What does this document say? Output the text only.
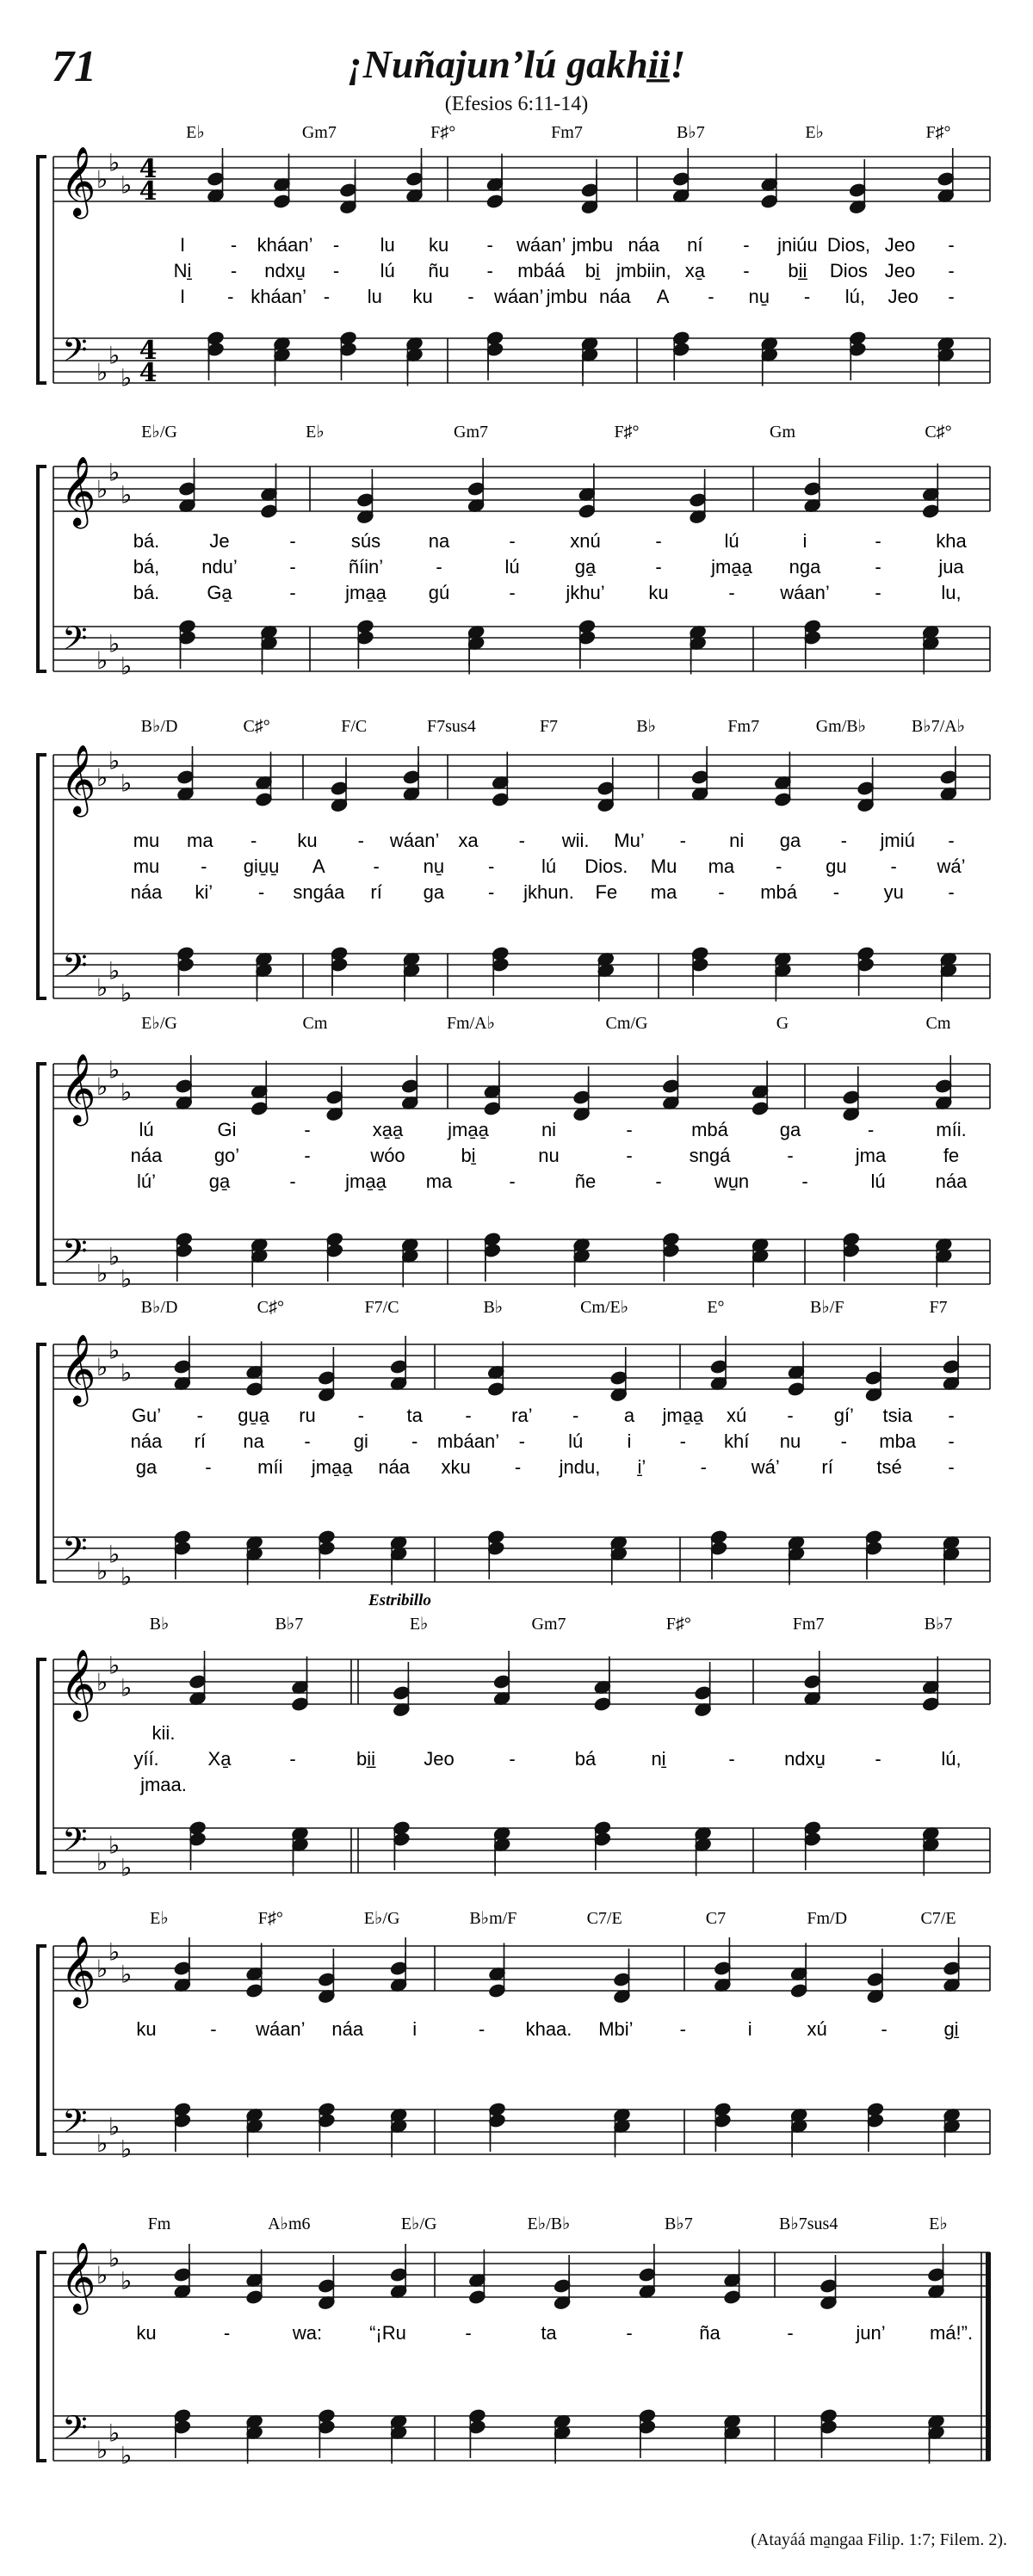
71	¡Nuñajun’lú gakhi̱i̱!
(Efesios 6:11-14)
𝄞
𝄢
♭
♭
♭
♭
♭
♭
4
4
4
4
E♭	Gm7	F♯°	Fm7	B♭7	E♭	F♯°
I - kháan’ - lu ku - wáan’ jmbu náa ní - jniúu Dios, Jeo -
Ni̱ - ndxu̱ - lú ñu - mbáá bi̱ jmbiin, xa̱ - bi̱i̱ Dios Jeo -
I - kháan’ - lu ku - wáan’ jmbu náa A - nu̱ - lú, Jeo -
𝄞
𝄢
♭
♭
♭
♭
♭
♭
E♭/G	E♭	Gm7	F♯°	Gm	C♯°
bá.	Je	-	sús	na	-	xnú	-	lú	i	-	kha
bá, ndu’	-	ñíin’	-	lú	ga̱	-	jma̱a̱ nga	-	jua
bá.	Ga̱	-	jma̱a̱ gú	-	jkhu’ ku	- wáan’ -	lu,
𝄞
𝄢
♭
♭
♭
♭
♭
♭
B♭/D	C♯°	F/C	F7sus4	F7	B♭	Fm7	Gm/B♭	B♭7/A♭
mu ma - ku - wáan’ xa - wii. Mu’ - ni ga - jmiú -
mu - giu̱u̱ A	- nu̱ - lú Dios. Mu ma - gu - wá’
náa ki’ - sngáa rí ga - jkhun. Fe ma - mbá - yu -
𝄞
𝄢
♭
♭
♭
♭
♭
♭
E♭/G	Cm	Fm/A♭	Cm/G	G	Cm
lú	Gi	-	xa̱a̱ jma̱a̱	ni	-	mbá	ga	-	míi.
náa	go’	-	wóo	bi̱	nu	-	sngá	-	jma	fe
lú’	ga̱	-	jma̱a̱ ma	-	ñe	-	wu̱n	-	lú	náa
𝄞
𝄢
♭
♭
♭
♭
♭
♭
B♭/D	C♯°	F7/C	B♭	Cm/E♭	E°	B♭/F	F7
Gu’ - gu̱a̱ ru - ta - ra’ - a jma̱a̱ xú - gí’ tsia -
náa rí na - gi - mbáan’ - lú i	- khí nu - mba -
ga	- míi jma̱a̱ náa xku - jndu, i̱’	- wá’ rí tsé -
𝄞
𝄢
♭
♭
♭
♭
♭
♭
B♭	B♭7	E♭	Gm7	F♯°	Fm7	B♭7
Estribillo
kii.
yíí.	Xa̱	-	bi̱i̱	Jeo	-	bá	ni̱	-	ndxu̱	-	lú,
jmaa.
𝄞
𝄢
♭
♭
♭
♭
♭
♭
E♭	F♯°	E♭/G	B♭m/F	C7/E	C7	Fm/D	C7/E
ku	- wáan’ náa	i	- khaa. Mbi’ -	i	xú	-	gi̱
𝄞
𝄢
♭
♭
♭
♭
♭
♭
Fm	A♭m6	E♭/G	E♭/B♭	B♭7	B♭7sus4	E♭
ku	-	wa: “¡Ru	-	ta	-	ña	-	jun’ má!”.
(Atayáá ma̱ngaa Filip. 1:7; Filem. 2).
